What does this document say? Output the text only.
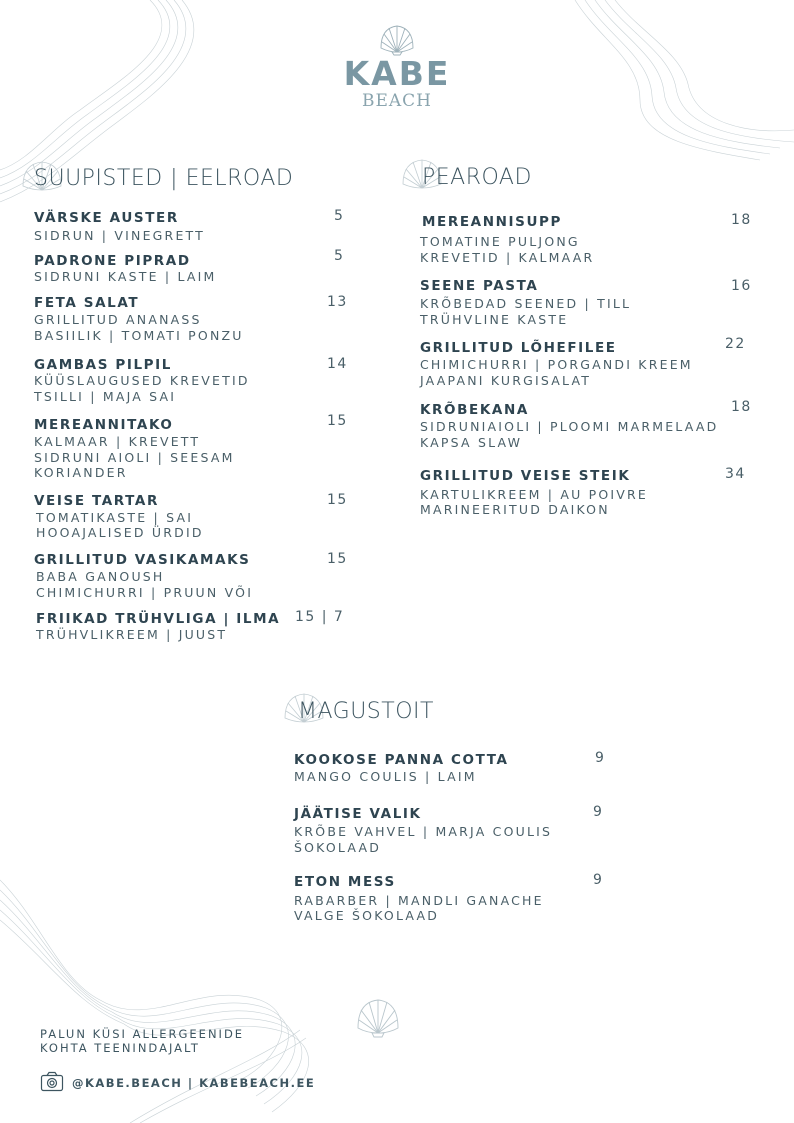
KABE
BEACH
SUUPISTED | EELROAD	PEAROAD
MAGUSTOIT
VÄRSKE AUSTER	5
SIDRUN | VINEGRETT
PADRONE PIPRAD	5
SIDRUNI KASTE | LAIM
FETA SALAT	13
GRILLITUD ANANASS
BASIILIK | TOMATI PONZU
GAMBAS PILPIL	14
KÜÜSLAUGUSED KREVETID
TSILLI | MAJA SAI
MEREANNITAKO	15
KALMAAR | KREVETT
SIDRUNI AIOLI | SEESAM
KORIANDER
VEISE TARTAR	15
TOMATIKASTE | SAI
HOOAJALISED ÜRDID
GRILLITUD VASIKAMAKS	15
BABA GANOUSH
CHIMICHURRI | PRUUN VÕI
FRIIKAD TRÜHVLIGA | ILMA 15 | 7
TRÜHVLIKREEM | JUUST
MEREANNISUPP	18
TOMATINE PULJONG
KREVETID | KALMAAR
SEENE PASTA	16
KRÕBEDAD SEENED | TILL
TRÜHVLINE KASTE
GRILLITUD LÕHEFILEE	22
CHIMICHURRI | PORGANDI KREEM
JAAPANI KURGISALAT
KRÕBEKANA	18
SIDRUNIAIOLI | PLOOMI MARMELAAD
KAPSA SLAW
GRILLITUD VEISE STEIK	34
KARTULIKREEM | AU POIVRE
MARINEERITUD DAIKON
KOOKOSE PANNA COTTA	9
MANGO COULIS | LAIM
JÄÄTISE VALIK	9
KRÕBE VAHVEL | MARJA COULIS
ŠOKOLAAD
ETON MESS	9
RABARBER | MANDLI GANACHE
VALGE ŠOKOLAAD
PALUN KÜSI ALLERGEENIDE
KOHTA TEENINDAJALT
@KABE.BEACH | KABEBEACH.EE
